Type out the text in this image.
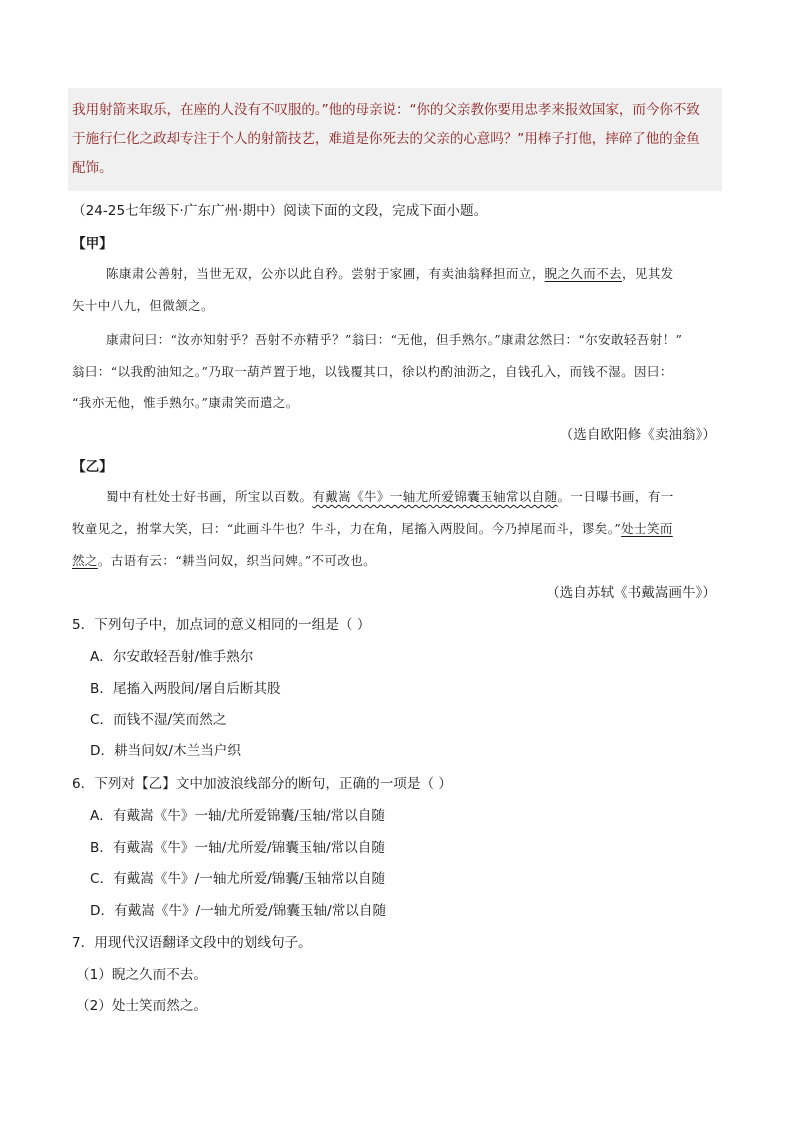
我用射箭来取乐，在座的人没有不叹服的。”他的母亲说：“你的父亲教你要用忠孝来报效国家，而今你不致
于施行仁化之政却专注于个人的射箭技艺，难道是你死去的父亲的心意吗？”用棒子打他，摔碎了他的金鱼
配饰。
（24-25七年级下·广东广州·期中）阅读下面的文段，完成下面小题。
【甲】
陈康肃公善射，当世无双，公亦以此自矜。尝射于家圃，有卖油翁释担而立，睨之久而不去，见其发
矢十中八九，但微颔之。
康肃问曰：“汝亦知射乎？吾射不亦精乎？”翁曰：“无他，但手熟尔。”康肃忿然曰：“尔安敢轻吾射！”
翁曰：“以我酌油知之。”乃取一葫芦置于地，以钱覆其口，徐以杓酌油沥之，自钱孔入，而钱不湿。因曰：
“我亦无他，惟手熟尔。”康肃笑而遣之。
（选自欧阳修《卖油翁》）
【乙】
蜀中有杜处士好书画，所宝以百数。有戴嵩《牛》一轴尤所爱锦囊玉轴常以自随。一日曝书画，有一
牧童见之，拊掌大笑，曰：“此画斗牛也？牛斗，力在角，尾搐入两股间。今乃掉尾而斗，谬矣。”处士笑而
然之。古语有云：“耕当问奴，织当问婢。”不可改也。
（选自苏轼《书戴嵩画牛》）
5．下列句子中，加点词的意义相同的一组是（ ）
A．尔安敢轻吾射/惟手熟尔
B．尾搐入两股间/屠自后断其股
C．而钱不湿/笑而然之
D．耕当问奴/木兰当户织
6．下列对【乙】文中加波浪线部分的断句，正确的一项是（ ）
A．有戴嵩《牛》一轴/尤所爱锦囊/玉轴/常以自随
B．有戴嵩《牛》一轴/尤所爱/锦囊玉轴/常以自随
C．有戴嵩《牛》/一轴尤所爱/锦囊/玉轴常以自随
D．有戴嵩《牛》/一轴尤所爱/锦囊玉轴/常以自随
7．用现代汉语翻译文段中的划线句子。
（1）睨之久而不去。
（2）处士笑而然之。
